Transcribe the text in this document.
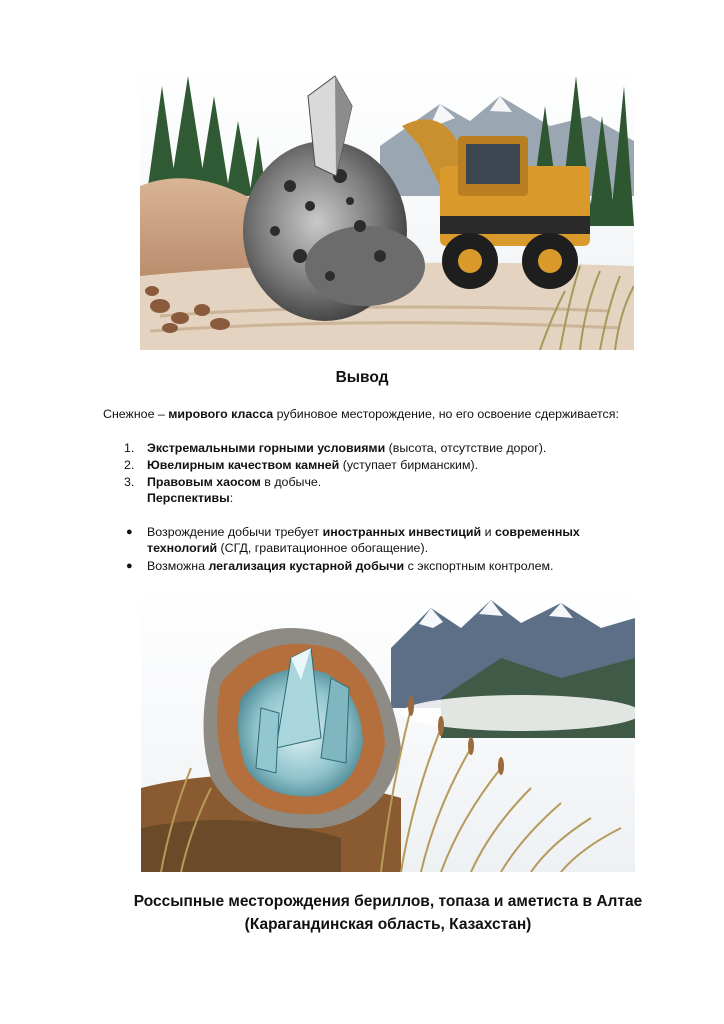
Вывод

Снежное – мирового класса рубиновое месторождение, но его освоение сдерживается:

1. Экстремальными горными условиями (высота, отсутствие дорог).
2. Ювелирным качеством камней (уступает бирманским).
3. Правовым хаосом в добыче.

Перспективы:

● Возрождение добычи требует иностранных инвестиций и современных технологий (СГД, гравитационное обогащение).
● Возможна легализация кустарной добычи с экспортным контролем.
Россыпные месторождения бериллов, топаза и аметиста в Алтае
(Карагандинская область, Казахстан)
